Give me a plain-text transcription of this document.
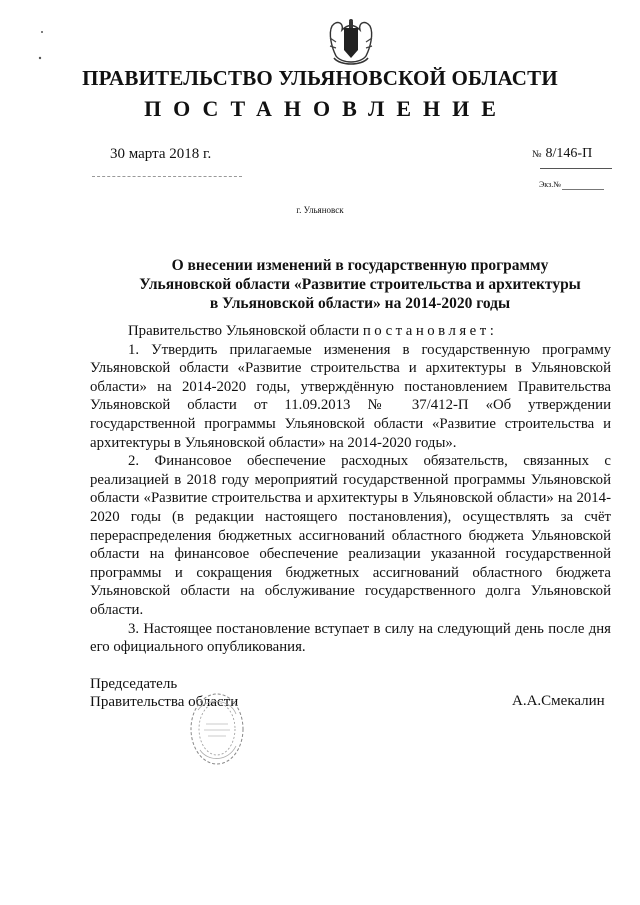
ПРАВИТЕЛЬСТВО УЛЬЯНОВСКОЙ ОБЛАСТИ
ПОСТАНОВЛЕНИЕ
30 марта 2018 г.	№ 8/146-П
Экз.№
г. Ульяновск
О внесении изменений в государственную программу
Ульяновской области «Развитие строительства и архитектуры
в Ульяновской области» на 2014-2020 годы

Правительство Ульяновской области постановляет:

1. Утвердить прилагаемые изменения в государственную программу Ульяновской области «Развитие строительства и архитектуры в Ульяновской области» на 2014-2020 годы, утверждённую постановлением Правительства Ульяновской области от 11.09.2013 № 37/412-П «Об утверждении государственной программы Ульяновской области «Развитие строительства и архитектуры в Ульяновской области» на 2014-2020 годы».

2. Финансовое обеспечение расходных обязательств, связанных с реализацией в 2018 году мероприятий государственной программы Ульяновской области «Развитие строительства и архитектуры в Ульяновской области» на 2014-2020 годы (в редакции настоящего постановления), осуществлять за счёт перераспределения бюджетных ассигнований областного бюджета Ульяновской области на финансовое обеспечение реализации указанной государственной программы и сокращения бюджетных ассигнований областного бюджета Ульяновской области на обслуживание государственного долга Ульяновской области.

3. Настоящее постановление вступает в силу на следующий день после дня его официального опубликования.

Председатель
Правительства области	А.А.Смекалин
